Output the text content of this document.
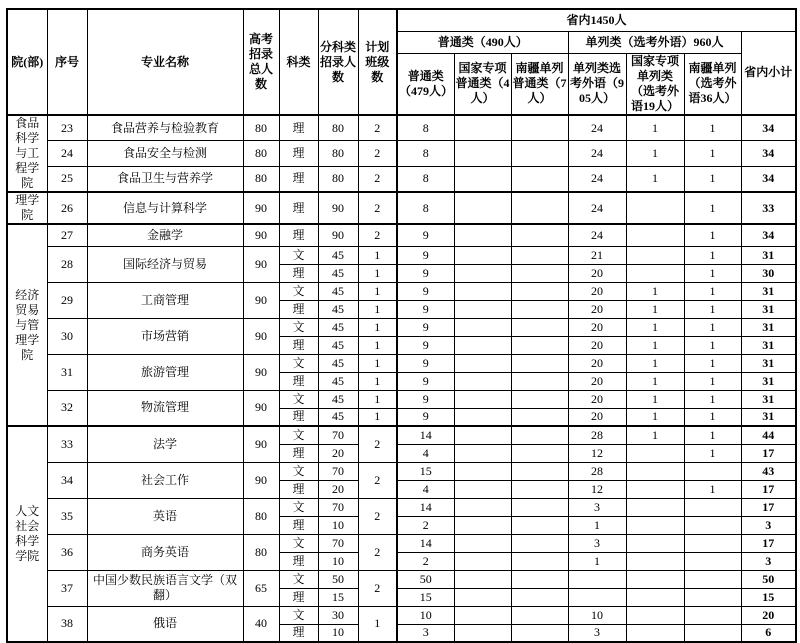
院(部)	序号	专业名称	高考招录总人数	科类	分科类招录人数	计划班级数	省内1450人						
							普通类（490人）			单列类（选考外语）960人			省内小计
							普通类（479人）	国家专项普通类（4人）	南疆单列普通类（7人）	单列类选考外语（905人）	国家专项单列类（选考外语19人）	南疆单列（选考外语36人）	
食品科学与工程学院	23	食品营养与检验教育	80	理	80	2	8			24	1	1	34
	24	食品安全与检测	80	理	80	2	8			24	1	1	34
	25	食品卫生与营养学	80	理	80	2	8			24	1	1	34
理学院	26	信息与计算科学	90	理	90	2	8			24		1	33
经济贸易与管理学院	27	金融学	90	理	90	2	9			24		1	34
	28	国际经济与贸易	90	文	45	1	9			21		1	31
				理	45	1	9			20		1	30
	29	工商管理	90	文	45	1	9			20	1	1	31
				理	45	1	9			20	1	1	31
	30	市场营销	90	文	45	1	9			20	1	1	31
				理	45	1	9			20	1	1	31
	31	旅游管理	90	文	45	1	9			20	1	1	31
				理	45	1	9			20	1	1	31
	32	物流管理	90	文	45	1	9			20	1	1	31
				理	45	1	9			20	1	1	31
人文社会科学学院	33	法学	90	文	70	2	14			28	1	1	44
				理	20		4			12		1	17
	34	社会工作	90	文	70	2	15			28			43
				理	20		4			12		1	17
	35	英语	80	文	70	2	14			3			17
				理	10		2			1			3
	36	商务英语	80	文	70	2	14			3			17
				理	10		2			1			3
	37	中国少数民族语言文学（双翻）	65	文	50	2	50						50
				理	15		15						15
	38	俄语	40	文	30	1	10			10			20
				理	10		3			3			6
